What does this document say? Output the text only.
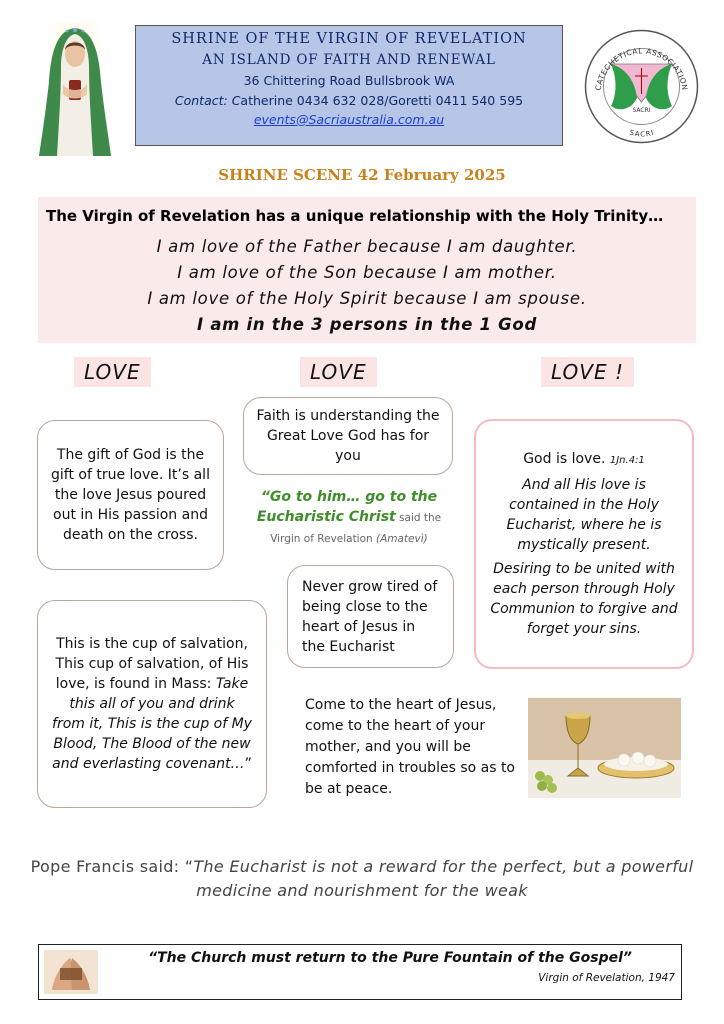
SHRINE OF THE VIRGIN OF REVELATION
AN ISLAND OF FAITH AND RENEWAL
36 Chittering Road Bullsbrook WA
Contact: Catherine 0434 632 028/Goretti 0411 540 595
events@Sacriaustralia.com.au
CATECHETICAL ASSOCIATION
SACRI
SACRI
SHRINE SCENE 42 February 2025
The Virgin of Revelation has a unique relationship with the Holy Trinity…
I am love of the Father because I am daughter.
I am love of the Son because I am mother.
I am love of the Holy Spirit because I am spouse.
I am in the 3 persons in the 1 God
LOVE	LOVE	LOVE !
The gift of God is the gift of true love. It’s all the love Jesus poured out in His passion and death on the cross.
Faith is understanding the Great Love God has for you
“Go to him… go to the Eucharistic Christ said the Virgin of Revelation (Amatevì)
God is love. 1Jn.4:1
And all His love is contained in the Holy Eucharist, where he is mystically present.
Desiring to be united with each person through Holy Communion to forgive and forget your sins.
This is the cup of salvation, This cup of salvation, of His love, is found in Mass: Take this all of you and drink from it, This is the cup of My Blood, The Blood of the new and everlasting covenant…”
Never grow tired of being close to the heart of Jesus in the Eucharist
Come to the heart of Jesus, come to the heart of your mother, and you will be comforted in troubles so as to be at peace.
Pope Francis said: “The Eucharist is not a reward for the perfect, but a powerful medicine and nourishment for the weak
“The Church must return to the Pure Fountain of the Gospel”
Virgin of Revelation, 1947
